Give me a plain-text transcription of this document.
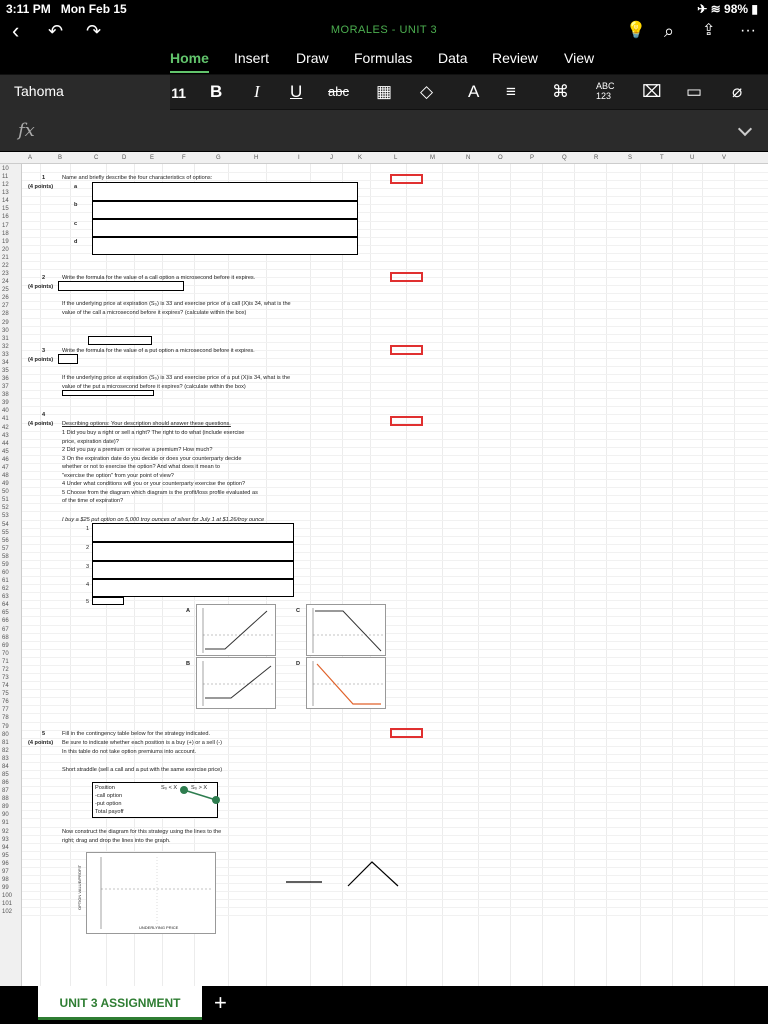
3:11 PM Mon Feb 15	✈ ≋ 98% ▮
‹ ↶ ↷	MORALES - UNIT 3	💡 ⌕ ⇪ ···
Home Insert Draw Formulas Data Review View
Tahoma	11	B I U abc ▦ ◇ A ≡ ⌘	ABC
123 ⌧ ▭ ⌀
fx
A	B	C	D	E	F	G	H	I	J	K	L	M	N	O	P	Q	R	S	T	U	V
10
11
12
13
14
15
16
17
18
19
20
21
22
23
24
25
26
27
28
29
30
31
32
33
34
35
36
37
38
39
40
41
42
43
44
45
46
47
48
49
50
51
52
53
54
55
56
57
58
59
60
61
62
63
64
65
66
67
68
69
70
71
72
73
74
75
76
77
78
79
80
81
82
83
84
85
86
87
88
89
90
91
92
93
94
95
96
97
98
99
100
101
102
1	Name and briefly describe the four characteristics of options:
(4 points)	a
b
c
d
2	Write the formula for the value of a call option a microsecond before it expires.
(4 points)
If the underlying price at expiration (S₀) is 33 and exercise price of a call (X)is 34, what is the
value of the call a microsecond before it expires? (calculate within the box)
3	Write the formula for the value of a put option a microsecond before it expires.
(4 points)
If the underlying price at expiration (S₀) is 33 and exercise price of a put (X)is 34, what is the
value of the put a microsecond before it expires? (calculate within the box)
4
(4 points) Describing options: Your description should answer these questions.
1 Did you buy a right or sell a right? The right to do what (include exercise
price, expiration date)?
2 Did you pay a premium or receive a premium? How much?
3 On the expiration date do you decide or does your counterparty decide
whether or not to exercise the option? And what does it mean to
"exercise the option" from your point of view?
4 Under what conditions will you or your counterparty exercise the option?
5 Choose from the diagram which diagram is the profit/loss profile evaluated as
of the time of expiration?
I buy a $25 put option on 5,000 troy ounces of silver for July 1 at $1.26/troy ounce
1
2
3
4
5
A	C
B	D
5	Fill in the contingency table below for the strategy indicated.
(4 points) Be sure to indicate whether each position is a buy (+) or a sell (-)
In this table do not take option premiums into account.
Short straddle (sell a call and a put with the same exercise price)
Position	S₀ < X S₀ > X
-call option
-put option
Total payoff
Now construct the diagram for this strategy using the lines to the
right; drag and drop the lines into the graph.
UNDERLYING PRICE
OPTION VALUE/PROFIT
UNIT 3 ASSIGNMENT	+
